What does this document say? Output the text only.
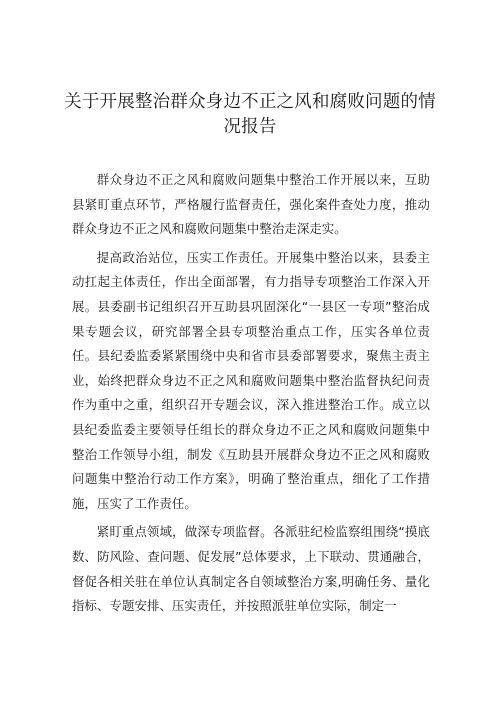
关于开展整治群众身边不正之风和腐败问题的情况报告

群众身边不正之风和腐败问题集中整治工作开展以来，互助县紧盯重点环节，严格履行监督责任，强化案件查处力度，推动群众身边不正之风和腐败问题集中整治走深走实。

提高政治站位，压实工作责任。开展集中整治以来，县委主动扛起主体责任，作出全面部署，有力指导专项整治工作深入开展。县委副书记组织召开互助县巩固深化“一县区一专项”整治成果专题会议，研究部署全县专项整治重点工作，压实各单位责任。县纪委监委紧紧围绕中央和省市县委部署要求，聚焦主责主业，始终把群众身边不正之风和腐败问题集中整治监督执纪问责作为重中之重，组织召开专题会议，深入推进整治工作。成立以县纪委监委主要领导任组长的群众身边不正之风和腐败问题集中整治工作领导小组，制发《互助县开展群众身边不正之风和腐败问题集中整治行动工作方案》，明确了整治重点，细化了工作措施，压实了工作责任。

紧盯重点领域，做深专项监督。各派驻纪检监察组围绕“摸底数、防风险、查问题、促发展”总体要求，上下联动、贯通融合，督促各相关驻在单位认真制定各自领域整治方案,明确任务、量化指标、专题安排、压实责任，并按照派驻单位实际，制定一
